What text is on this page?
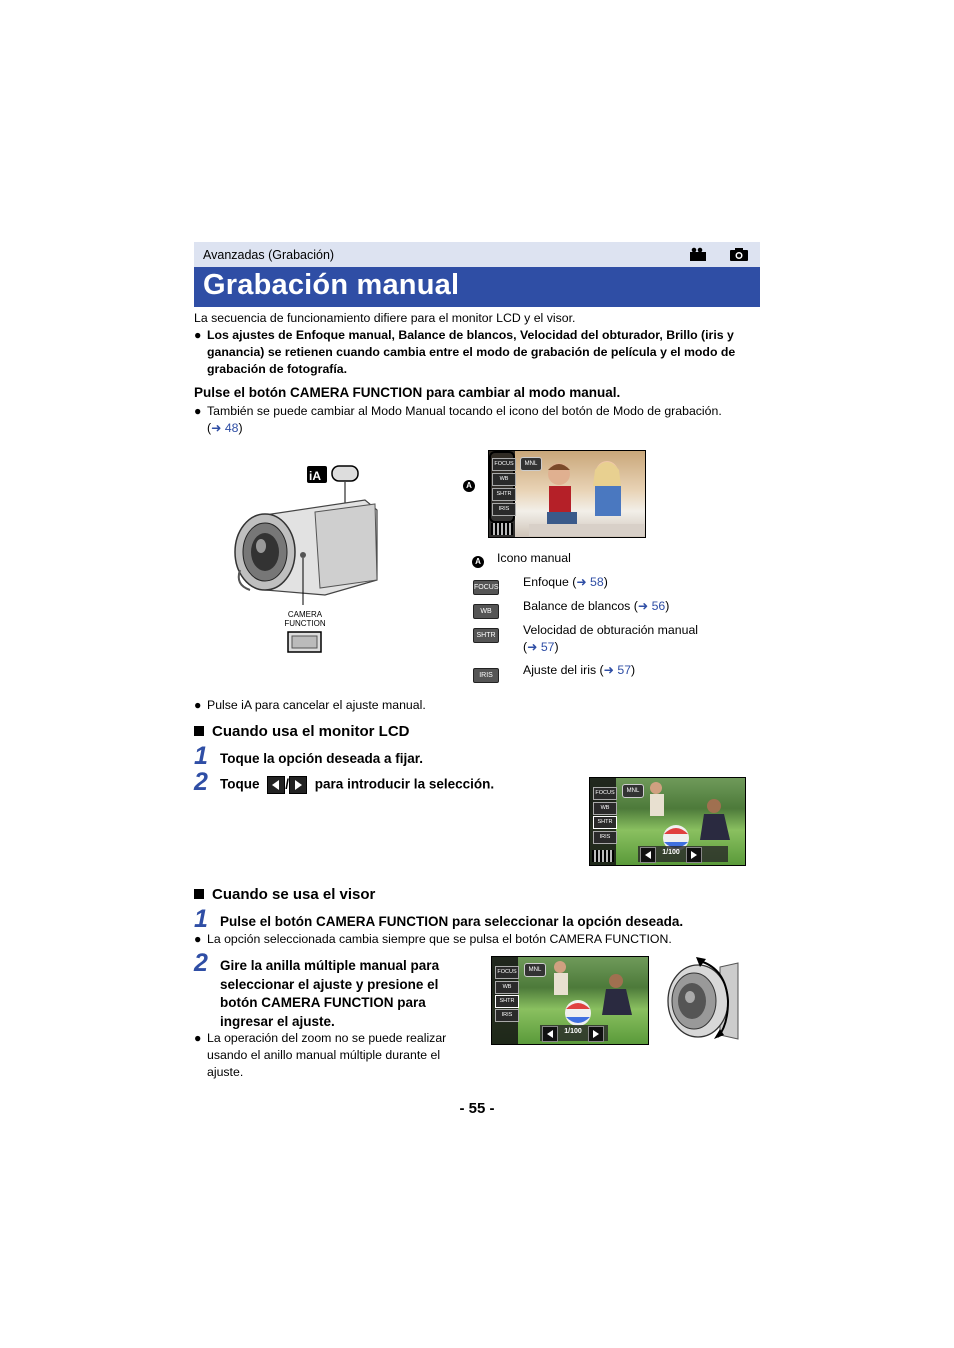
Avanzadas (Grabación)
Grabación manual
La secuencia de funcionamiento difiere para el monitor LCD y el visor.
● Los ajustes de Enfoque manual, Balance de blancos, Velocidad del obturador, Brillo (iris y
ganancia) se retienen cuando cambia entre el modo de grabación de película y el modo de
grabación de fotografía.
Pulse el botón CAMERA FUNCTION para cambiar al modo manual.
● También se puede cambiar al Modo Manual tocando el icono del botón de Modo de grabación.
(➜ 48)
iA
CAMERA
FUNCTION
A
FOCUS
WB
SHTR
IRIS
MNL
A Icono manual
FOCUS Enfoque (➜ 58)
WB	Balance de blancos (➜ 56)
SHTR Velocidad de obturación manual
(➜ 57)
IRIS	Ajuste del iris (➜ 57)
● Pulse iA para cancelar el ajuste manual.
Cuando usa el monitor LCD
1 Toque la opción deseada a fijar.
2 Toque / para introducir la selección.
FOCUS
WB
SHTR
IRIS
MNL
1/100
Cuando se usa el visor
1 Pulse el botón CAMERA FUNCTION para seleccionar la opción deseada.
● La opción seleccionada cambia siempre que se pulsa el botón CAMERA FUNCTION.
2 Gire la anilla múltiple manual para
seleccionar el ajuste y presione el
botón CAMERA FUNCTION para
ingresar el ajuste.
● La operación del zoom no se puede realizar
usando el anillo manual múltiple durante el
ajuste.
FOCUS
WB
SHTR
IRIS
MNL
1/100
- 55 -
